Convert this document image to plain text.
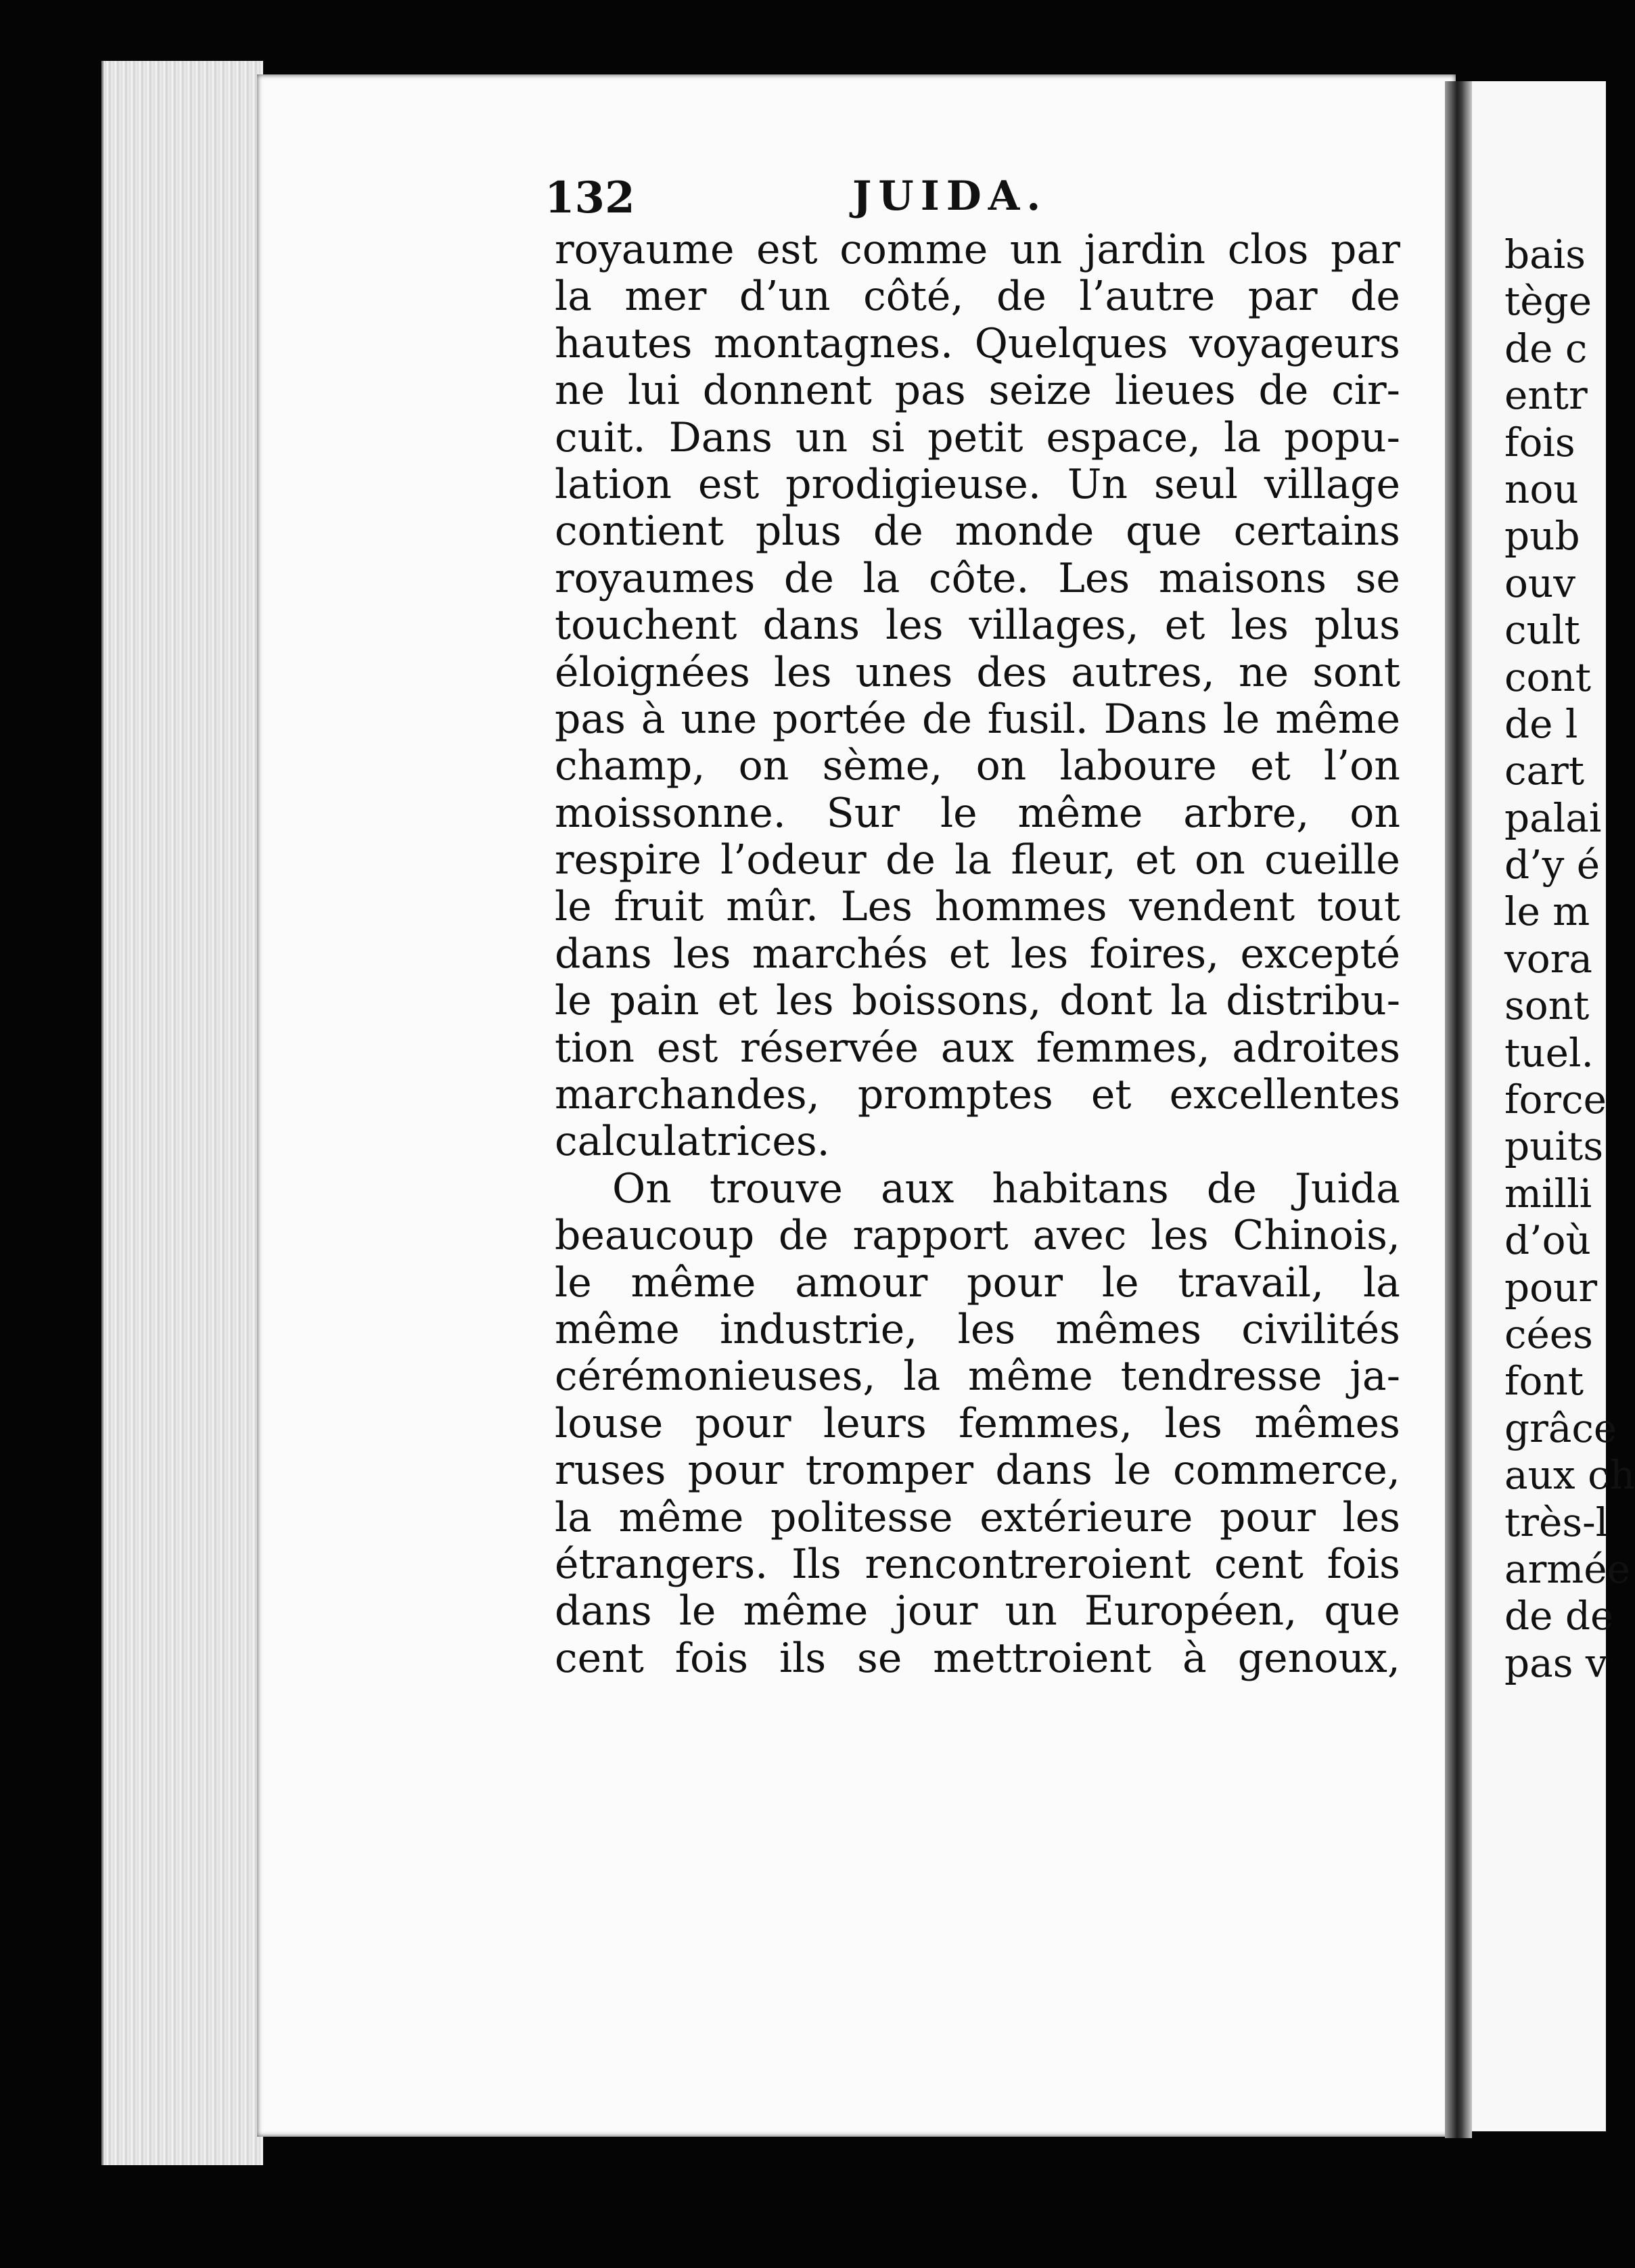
bais
tège
de c
entr
fois
nou
pub
ouv
cult
cont
de l
cart
palai
d’y é
le m
vora
sont
tuel.
force
puits
milli
d’où
pour
cées
font
grâce
aux ch
très-l
armée
de de
pas v
132	JUIDA.
royaume est comme un jardin clos par
la mer d’un côté, de l’autre par de
hautes montagnes. Quelques voyageurs
ne lui donnent pas seize lieues de cir-
cuit. Dans un si petit espace, la popu-
lation est prodigieuse. Un seul village
contient plus de monde que certains
royaumes de la côte. Les maisons se
touchent dans les villages, et les plus
éloignées les unes des autres, ne sont
pas à une portée de fusil. Dans le même
champ, on sème, on laboure et l’on
moissonne. Sur le même arbre, on
respire l’odeur de la fleur, et on cueille
le fruit mûr. Les hommes vendent tout
dans les marchés et les foires, excepté
le pain et les boissons, dont la distribu-
tion est réservée aux femmes, adroites
marchandes, promptes et excellentes
calculatrices.
On trouve aux habitans de Juida
beaucoup de rapport avec les Chinois,
le même amour pour le travail, la
même industrie, les mêmes civilités
cérémonieuses, la même tendresse ja-
louse pour leurs femmes, les mêmes
ruses pour tromper dans le commerce,
la même politesse extérieure pour les
étrangers. Ils rencontreroient cent fois
dans le même jour un Européen, que
cent fois ils se mettroient à genoux,
